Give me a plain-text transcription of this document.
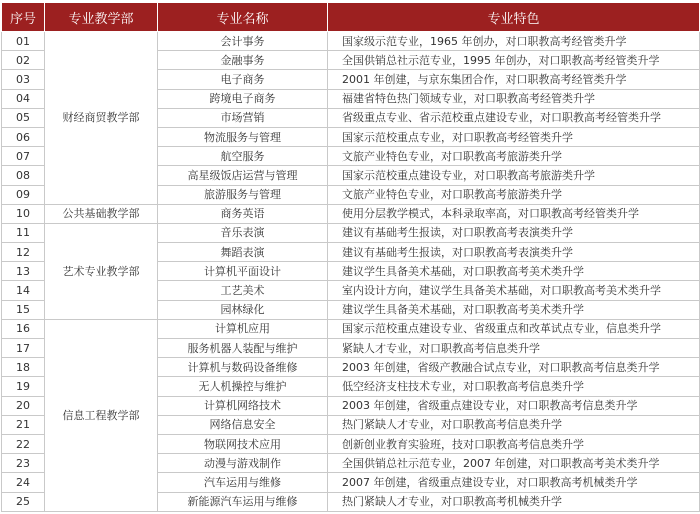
序号	专业教学部	专业名称	专业特色
01	财经商贸教学部	会计事务	国家级示范专业，1965 年创办，对口职教高考经管类升学
02		金融事务	全国供销总社示范专业，1995 年创办，对口职教高考经管类升学
03		电子商务	2001 年创建，与京东集团合作，对口职教高考经管类升学
04		跨境电子商务	福建省特色热门领域专业，对口职教高考经管类升学
05		市场营销	省级重点专业、省示范校重点建设专业，对口职教高考经管类升学
06		物流服务与管理	国家示范校重点专业，对口职教高考经管类升学
07		航空服务	文旅产业特色专业，对口职教高考旅游类升学
08		高星级饭店运营与管理	国家示范校重点建设专业，对口职教高考旅游类升学
09		旅游服务与管理	文旅产业特色专业，对口职教高考旅游类升学
10	公共基础教学部	商务英语	使用分层教学模式，本科录取率高，对口职教高考经管类升学
11	艺术专业教学部	音乐表演	建议有基础考生报读，对口职教高考表演类升学
12		舞蹈表演	建议有基础考生报读，对口职教高考表演类升学
13		计算机平面设计	建议学生具备美术基础，对口职教高考美术类升学
14		工艺美术	室内设计方向，建议学生具备美术基础，对口职教高考美术类升学
15		园林绿化	建议学生具备美术基础，对口职教高考美术类升学
16	信息工程教学部	计算机应用	国家示范校重点建设专业、省级重点和改革试点专业，信息类升学
17		服务机器人装配与维护	紧缺人才专业，对口职教高考信息类升学
18		计算机与数码设备维修	2003 年创建，省级产教融合试点专业，对口职教高考信息类升学
19		无人机操控与维护	低空经济支柱技术专业，对口职教高考信息类升学
20		计算机网络技术	2003 年创建，省级重点建设专业，对口职教高考信息类升学
21		网络信息安全	热门紧缺人才专业，对口职教高考信息类升学
22		物联网技术应用	创新创业教育实验班，技对口职教高考信息类升学
23		动漫与游戏制作	全国供销总社示范专业，2007 年创建，对口职教高考美术类升学
24		汽车运用与维修	2007 年创建，省级重点建设专业，对口职教高考机械类升学
25		新能源汽车运用与维修	热门紧缺人才专业，对口职教高考机械类升学
